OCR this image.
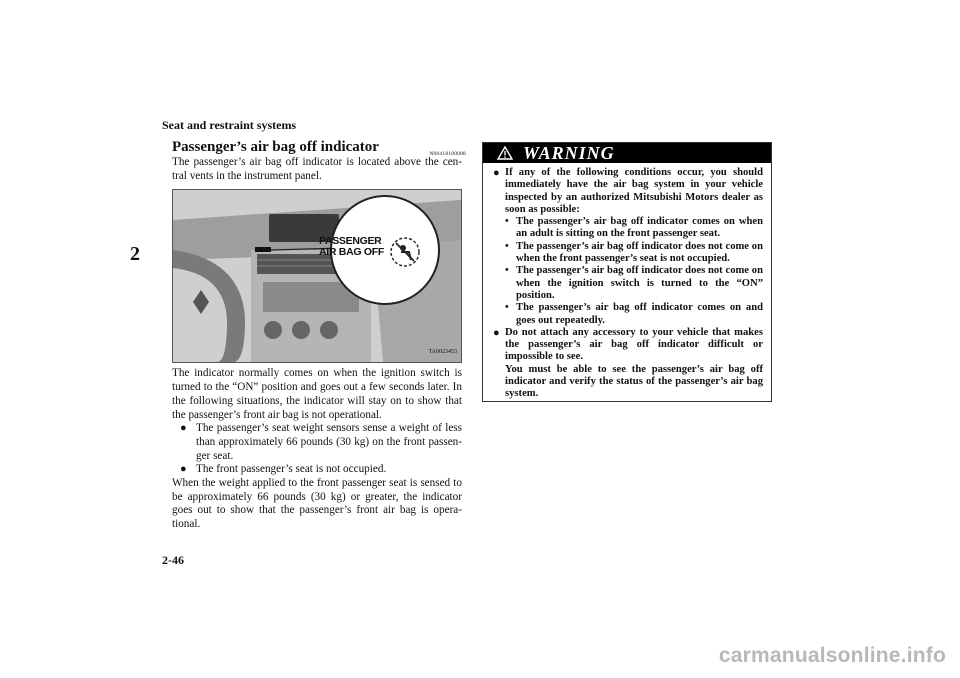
Seat and restraint systems
2
Passenger’s air bag off indicator	N00418100088

The passenger’s air bag off indicator is located above the cen-tral vents in the instrument panel.

PASSENGER
AIR BAG OFF
TA0023453

The indicator normally comes on when the ignition switch is turned to the “ON” position and goes out a few seconds later. In the following situations, the indicator will stay on to show that the passenger’s front air bag is not operational.

● The passenger’s seat weight sensors sense a weight of less than approximately 66 pounds (30 kg) on the front passen-ger seat.
● The front passenger’s seat is not occupied.

When the weight applied to the front passenger seat is sensed to be approximately 66 pounds (30 kg) or greater, the indicator goes out to show that the passenger’s front air bag is opera-tional.

WARNING
● If any of the following conditions occur, you should immediately have the air bag system in your vehicle inspected by an authorized Mitsubishi Motors dealer as soon as possible:
• The passenger’s air bag off indicator comes on when an adult is sitting on the front passenger seat.
• The passenger’s air bag off indicator does not come on when the front passenger’s seat is not occupied.
• The passenger’s air bag off indicator does not come on when the ignition switch is turned to the “ON” position.
• The passenger’s air bag off indicator comes on and goes out repeatedly.
● Do not attach any accessory to your vehicle that makes the passenger’s air bag off indicator difficult or impossible to see.
You must be able to see the passenger’s air bag off indicator and verify the status of the passenger’s air bag system.
2-46
carmanualsonline.info
